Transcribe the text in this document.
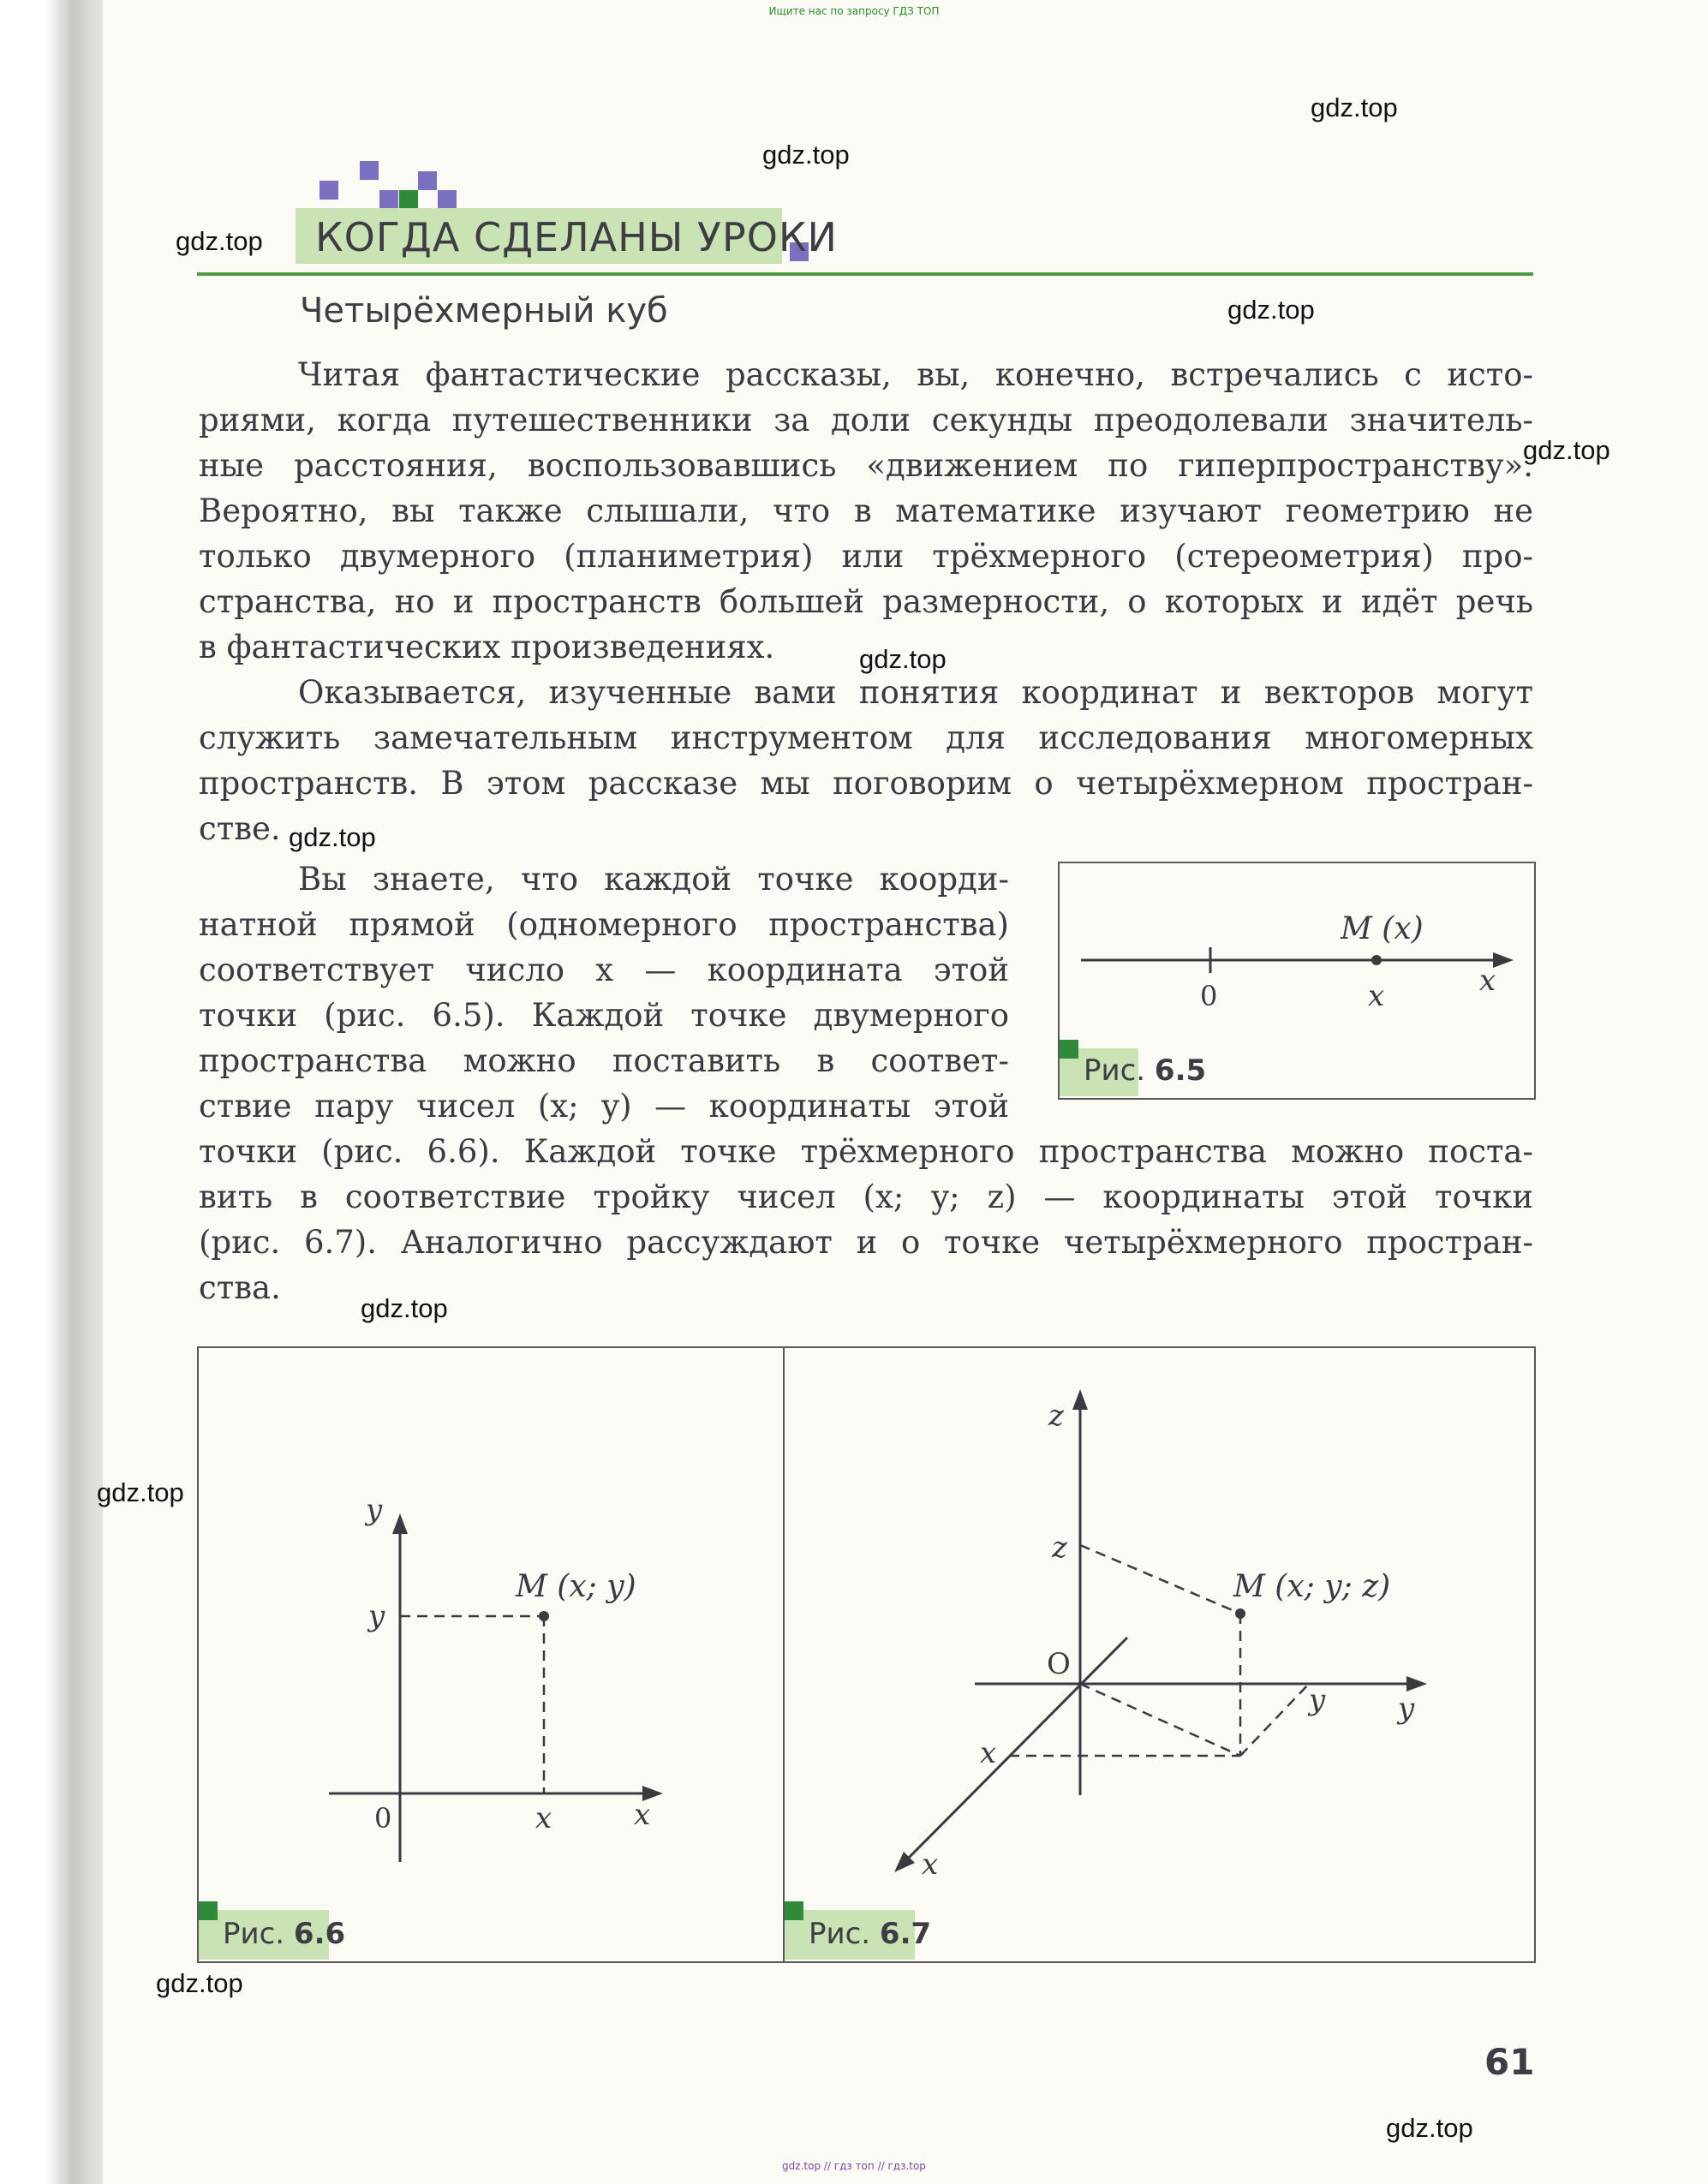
Ищите нас по запросу ГДЗ ТОП
gdz.top
gdz.top
gdz.top
gdz.top
gdz.top
gdz.top
gdz.top
gdz.top
gdz.top
gdz.top
gdz.top
КОГДА СДЕЛАНЫ УРОКИ
Четырёхмерный куб
Читая фантастические рассказы, вы, конечно, встречались с исто-
риями, когда путешественники за доли секунды преодолевали значитель-
ные расстояния, воспользовавшись «движением по гиперпространству».
Вероятно, вы также слышали, что в математике изучают геометрию не
только двумерного (планиметрия) или трёхмерного (стереометрия) про-
странства, но и пространств большей размерности, о которых и идёт речь
в фантастических произведениях.
Оказывается, изученные вами понятия координат и векторов могут
служить замечательным инструментом для исследования многомерных
пространств. В этом рассказе мы поговорим о четырёхмерном простран-
стве.
Вы знаете, что каждой точке коорди-
натной прямой (одномерного пространства)
соответствует число x — координата этой
точки (рис. 6.5). Каждой точке двумерного
пространства можно поставить в соответ-
ствие пару чисел (x; y) — координаты этой
точки (рис. 6.6). Каждой точке трёхмерного пространства можно поста-
вить в соответствие тройку чисел (x; y; z) — координаты этой точки
(рис. 6.7). Аналогично рассуждают и о точке четырёхмерного простран-
ства.
M (x)
0	x	x
Рис. 6.5
M (x; y)
y
y
0	x	x
Рис. 6.6
M (x; y; z)
O
z
z
y y
x
x
Рис. 6.7
61
gdz.top // гдз топ // гдз.top
